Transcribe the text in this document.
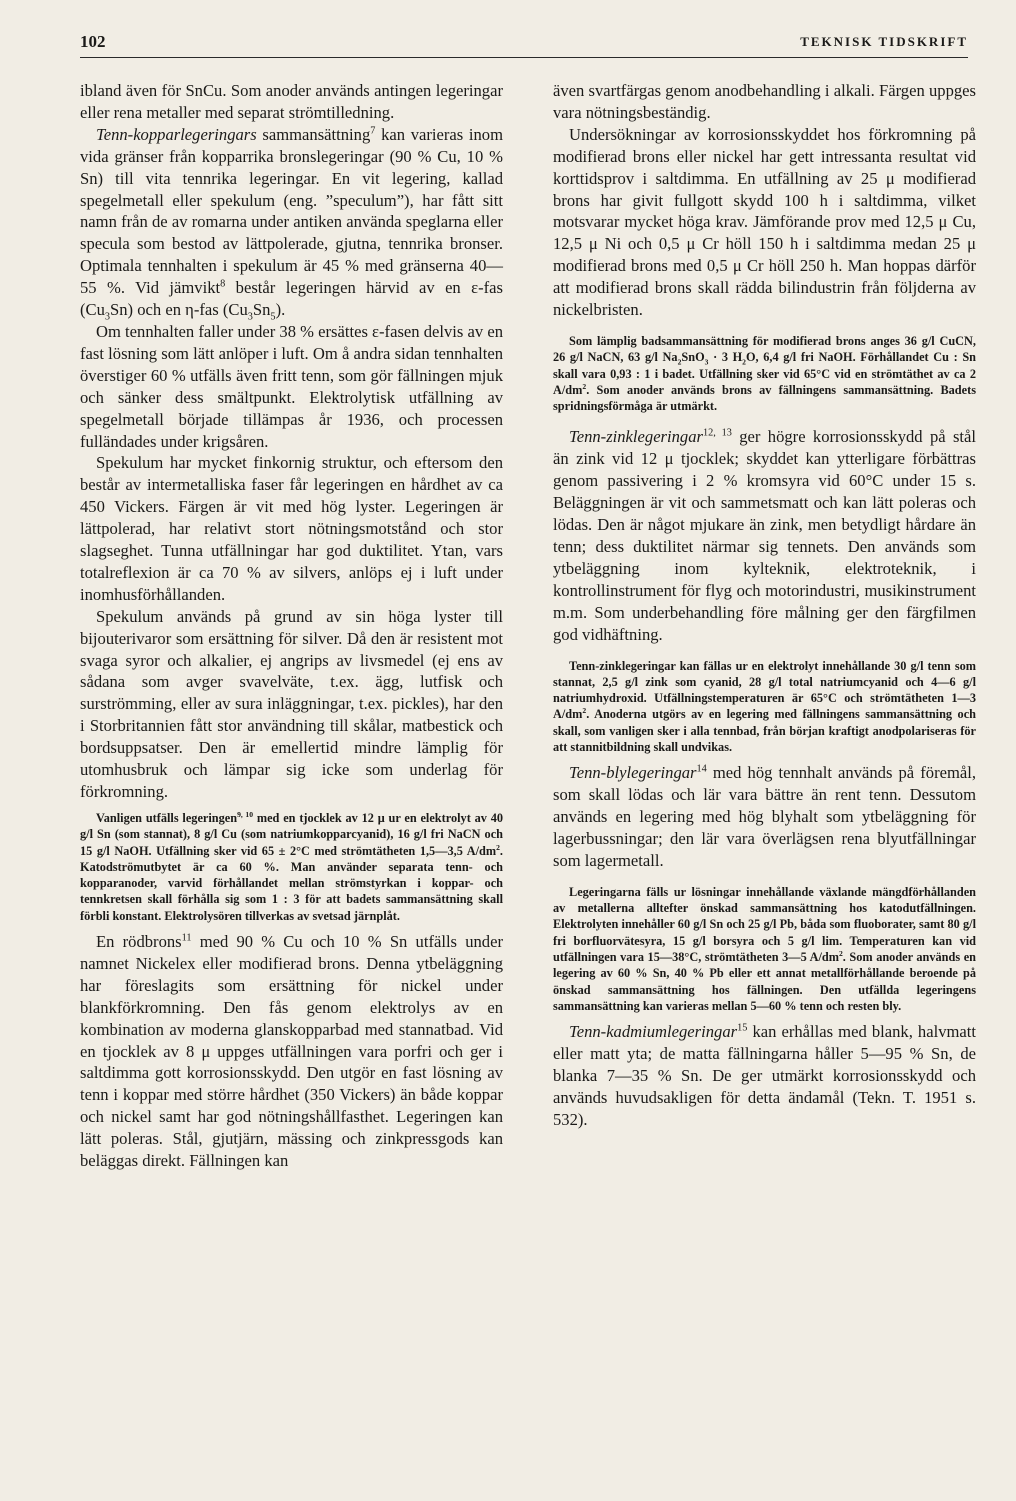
102	TEKNISK TIDSKRIFT

ibland även för SnCu. Som anoder används antingen legeringar eller rena metaller med separat strömtilledning.

Tenn-kopparlegeringars sammansättning$^7$ kan varieras inom vida gränser från kopparrika bronslegeringar (90 % Cu, 10 % Sn) till vita tennrika legeringar. En vit legering, kallad spegelmetall eller spekulum (eng. ”speculum”), har fått sitt namn från de av romarna under antiken använda speglarna eller specula som bestod av lättpolerade, gjutna, tennrika bronser. Optimala tennhalten i spekulum är 45 % med gränserna 40—55 %. Vid jämvikt$^8$ består legeringen härvid av en ε-fas $(Cu_3Sn)$ och en η-fas $(Cu_3Sn_5)$.

Om tennhalten faller under 38 % ersättes ε-fasen delvis av en fast lösning som lätt anlöper i luft. Om å andra sidan tennhalten överstiger 60 % utfälls även fritt tenn, som gör fällningen mjuk och sänker dess smältpunkt. Elektrolytisk utfällning av spegelmetall började tillämpas år 1936, och processen fulländades under krigsåren.

Spekulum har mycket finkornig struktur, och eftersom den består av intermetalliska faser får legeringen en hårdhet av ca 450 Vickers. Färgen är vit med hög lyster. Legeringen är lättpolerad, har relativt stort nötningsmotstånd och stor slagseghet. Tunna utfällningar har god duktilitet. Ytan, vars totalreflexion är ca 70 % av silvers, anlöps ej i luft under inomhusförhållanden.

Spekulum används på grund av sin höga lyster till bijouterivaror som ersättning för silver. Då den är resistent mot svaga syror och alkalier, ej angrips av livsmedel (ej ens av sådana som avger svavelväte, t.ex. ägg, lutfisk och surströmming, eller av sura inläggningar, t.ex. pickles), har den i Storbritannien fått stor användning till skålar, matbestick och bordsuppsatser. Den är emellertid mindre lämplig för utomhusbruk och lämpar sig icke som underlag för förkromning.

Vanligen utfälls legeringen$^{9, 10}$ med en tjocklek av 12 μ ur en elektrolyt av 40 g/l Sn (som stannat), 8 g/l Cu (som natriumkopparcyanid), 16 g/l fri NaCN och 15 g/l NaOH. Utfällning sker vid 65 ± 2°C med strömtätheten 1,5—3,5 $A/dm^2$. Katodströmutbytet är ca 60 %. Man använder separata tenn- och kopparanoder, varvid förhållandet mellan strömstyrkan i koppar- och tennkretsen skall förhålla sig som 1 : 3 för att badets sammansättning skall förbli konstant. Elektrolysören tillverkas av svetsad järnplåt.

En rödbrons$^{11}$ med 90 % Cu och 10 % Sn utfälls under namnet Nickelex eller modifierad brons. Denna ytbeläggning har föreslagits som ersättning för nickel under blankförkromning. Den fås genom elektrolys av en kombination av moderna glanskopparbad med stannatbad. Vid en tjocklek av 8 μ uppges utfällningen vara porfri och ger i saltdimma gott korrosionsskydd. Den utgör en fast lösning av tenn i koppar med större hårdhet (350 Vickers) än både koppar och nickel samt har god nötningshållfasthet. Legeringen kan lätt poleras. Stål, gjutjärn, mässing och zinkpressgods kan beläggas direkt. Fällningen kan

även svartfärgas genom anodbehandling i alkali. Färgen uppges vara nötningsbeständig.

Undersökningar av korrosionsskyddet hos förkromning på modifierad brons eller nickel har gett intressanta resultat vid korttidsprov i saltdimma. En utfällning av 25 μ modifierad brons har givit fullgott skydd 100 h i saltdimma, vilket motsvarar mycket höga krav. Jämförande prov med 12,5 μ Cu, 12,5 μ Ni och 0,5 μ Cr höll 150 h i saltdimma medan 25 μ modifierad brons med 0,5 μ Cr höll 250 h. Man hoppas därför att modifierad brons skall rädda bilindustrin från följderna av nickelbristen.

Som lämplig badsammansättning för modifierad brons anges 36 g/l CuCN, 26 g/l NaCN, 63 g/l $Na_2SnO_3 \cdot 3$ $H_2O$, 6,4 g/l fri NaOH. Förhållandet Cu : Sn skall vara 0,93 : 1 i badet. Utfällning sker vid 65°C vid en strömtäthet av ca 2 $A/dm^2$. Som anoder används brons av fällningens sammansättning. Badets spridningsförmåga är utmärkt.

Tenn-zinklegeringar$^{12, 13}$ ger högre korrosionsskydd på stål än zink vid 12 μ tjocklek; skyddet kan ytterligare förbättras genom passivering i 2 % kromsyra vid 60°C under 15 s. Beläggningen är vit och sammetsmatt och kan lätt poleras och lödas. Den är något mjukare än zink, men betydligt hårdare än tenn; dess duktilitet närmar sig tennets. Den används som ytbeläggning inom kylteknik, elektroteknik, i kontrollinstrument för flyg och motorindustri, musikinstrument m.m. Som underbehandling före målning ger den färgfilmen god vidhäftning.

Tenn-zinklegeringar kan fällas ur en elektrolyt innehållande 30 g/l tenn som stannat, 2,5 g/l zink som cyanid, 28 g/l total natriumcyanid och 4—6 g/l natriumhydroxid. Utfällningstemperaturen är 65°C och strömtätheten 1—3 $A/dm^2$. Anoderna utgörs av en legering med fällningens sammansättning och skall, som vanligen sker i alla tennbad, från början kraftigt anodpolariseras för att stannitbildning skall undvikas.

Tenn-blylegeringar$^{14}$ med hög tennhalt används på föremål, som skall lödas och lär vara bättre än rent tenn. Dessutom används en legering med hög blyhalt som ytbeläggning för lagerbussningar; den lär vara överlägsen rena blyutfällningar som lagermetall.

Legeringarna fälls ur lösningar innehållande växlande mängdförhållanden av metallerna alltefter önskad sammansättning hos katodutfällningen. Elektrolyten innehåller 60 g/l Sn och 25 g/l Pb, båda som fluoborater, samt 80 g/l fri borfluorvätesyra, 15 g/l borsyra och 5 g/l lim. Temperaturen kan vid utfällningen vara 15—38°C, strömtätheten 3—5 $A/dm^2$. Som anoder används en legering av 60 % Sn, 40 % Pb eller ett annat metallförhållande beroende på önskad sammansättning hos fällningen. Den utfällda legeringens sammansättning kan varieras mellan 5—60 % tenn och resten bly.

Tenn-kadmiumlegeringar$^{15}$ kan erhållas med blank, halvmatt eller matt yta; de matta fällningarna håller 5—95 % Sn, de blanka 7—35 % Sn. De ger utmärkt korrosionsskydd och används huvudsakligen för detta ändamål (Tekn. T. 1951 s. 532).
